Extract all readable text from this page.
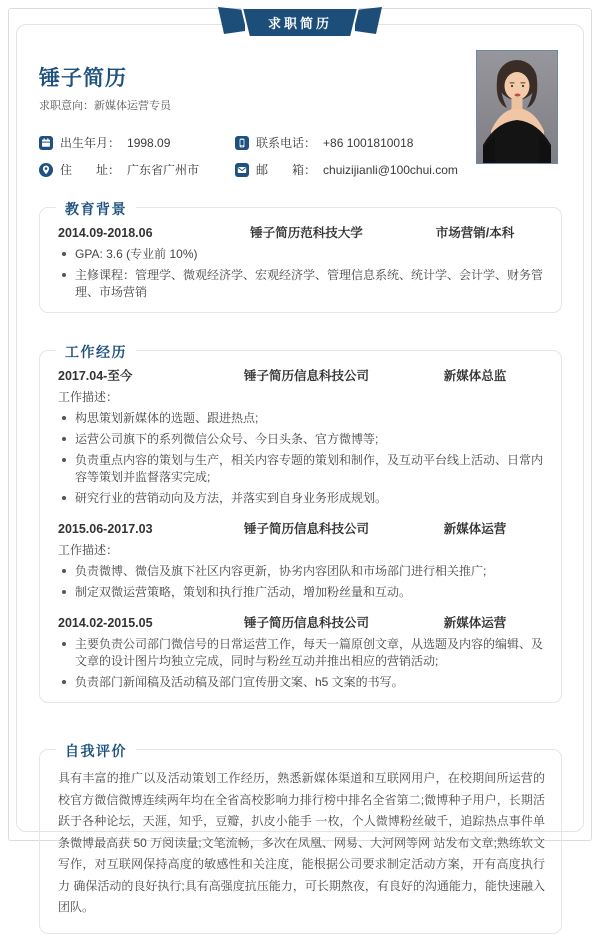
求职简历
锤子简历
求职意向：新媒体运营专员
出生年月： 1998.09	联系电话： +86 1001810018
住　　址： 广东省广州市	邮　　箱： chuizijianli@100chui.com
教育背景
2014.09-2018.06	锤子简历范科技大学	市场营销/本科
GPA: 3.6 (专业前 10%)
主修课程：管理学、微观经济学、宏观经济学、管理信息系统、统计学、会计学、财务管理、市场营销
工作经历
2017.04-至今	锤子简历信息科技公司	新媒体总监
工作描述：
构思策划新媒体的选题、跟进热点;
运营公司旗下的系列微信公众号、今日头条、官方微博等;
负责重点内容的策划与生产，相关内容专题的策划和制作，及互动平台线上活动、日常内容等策划并监督落实完成;
研究行业的营销动向及方法，并落实到自身业务形成规划。
2015.06-2017.03	锤子简历信息科技公司	新媒体运营
工作描述：
负责微博、微信及旗下社区内容更新，协劣内容团队和市场部门进行相关推广;
制定双微运营策略，策划和执行推广活动，增加粉丝量和互动。
2014.02-2015.05	锤子简历信息科技公司	新媒体运营
主要负责公司部门微信号的日常运营工作，每天一篇原创文章，从选题及内容的编辑、及文章的设计图片均独立完成，同时与粉丝互动并推出相应的营销活动;
负责部门新闻稿及活动稿及部门宣传册文案、h5 文案的书写。
自我评价
具有丰富的推广以及活动策划工作经历，熟悉新媒体渠道和互联网用户，在校期间所运营的校官方微信微博连续两年均在全省高校影响力排行榜中排名全省第二;微博种子用户，长期活跃于各种论坛，天涯，知乎，豆瓣，扒皮小能手 一枚，个人微博粉丝破千，追踪热点事件单条微博最高获 50 万阅读量;文笔流畅，多次在凤凰、网易、大河网等网 站发布文章;熟练软文写作，对互联网保持高度的敏感性和关注度，能根据公司要求制定活动方案，开有高度执行力 确保活动的良好执行;具有高强度抗压能力，可长期熬夜，有良好的沟通能力，能快速融入团队。
